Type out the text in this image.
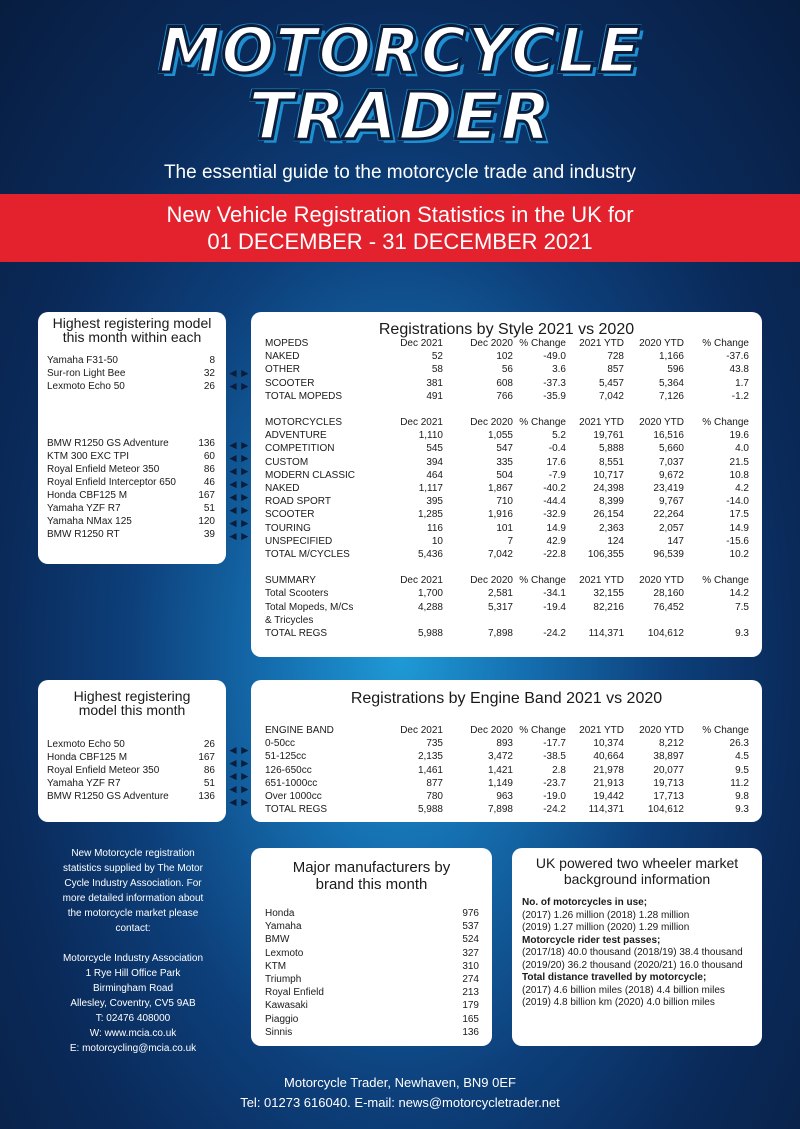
MOTORCYCLE
TRADER
The essential guide to the motorcycle trade and industry
New Vehicle Registration Statistics in the UK for
01 DECEMBER - 31 DECEMBER 2021
Highest registering model
this month within each
Yamaha F31-50	8
Sur-ron Light Bee	32
Lexmoto Echo 50	26
BMW R1250 GS Adventure	136
KTM 300 EXC TPI	60
Royal Enfield Meteor 350	86
Royal Enfield Interceptor 650	46
Honda CBF125 M	167
Yamaha YZF R7	51
Yamaha NMax 125	120
BMW R1250 RT	39
Registrations by Style 2021 vs 2020
MOPEDS	Dec 2021	Dec 2020	% Change	2021 YTD	2020 YTD	% Change
NAKED	52	102	-49.0	728	1,166	-37.6
OTHER	58	56	3.6	857	596	43.8
SCOOTER	381	608	-37.3	5,457	5,364	1.7
TOTAL MOPEDS	491	766	-35.9	7,042	7,126	-1.2

MOTORCYCLES	Dec 2021	Dec 2020	% Change	2021 YTD	2020 YTD	% Change
ADVENTURE	1,110	1,055	5.2	19,761	16,516	19.6
COMPETITION	545	547	-0.4	5,888	5,660	4.0
CUSTOM	394	335	17.6	8,551	7,037	21.5
MODERN CLASSIC	464	504	-7.9	10,717	9,672	10.8
NAKED	1,117	1,867	-40.2	24,398	23,419	4.2
ROAD SPORT	395	710	-44.4	8,399	9,767	-14.0
SCOOTER	1,285	1,916	-32.9	26,154	22,264	17.5
TOURING	116	101	14.9	2,363	2,057	14.9
UNSPECIFIED	10	7	42.9	124	147	-15.6
TOTAL M/CYCLES	5,436	7,042	-22.8	106,355	96,539	10.2

SUMMARY	Dec 2021	Dec 2020	% Change	2021 YTD	2020 YTD	% Change
Total Scooters	1,700	2,581	-34.1	32,155	28,160	14.2
Total Mopeds, M/Cs	4,288	5,317	-19.4	82,216	76,452	7.5
& Tricycles						
TOTAL REGS	5,988	7,898	-24.2	114,371	104,612	9.3
Highest registering
model this month
Lexmoto Echo 50	26
Honda CBF125 M	167
Royal Enfield Meteor 350	86
Yamaha YZF R7	51
BMW R1250 GS Adventure	136
Registrations by Engine Band 2021 vs 2020
ENGINE BAND	Dec 2021	Dec 2020	% Change	2021 YTD	2020 YTD	% Change
0-50cc	735	893	-17.7	10,374	8,212	26.3
51-125cc	2,135	3,472	-38.5	40,664	38,897	4.5
126-650cc	1,461	1,421	2.8	21,978	20,077	9.5
651-1000cc	877	1,149	-23.7	21,913	19,713	11.2
Over 1000cc	780	963	-19.0	19,442	17,713	9.8
TOTAL REGS	5,988	7,898	-24.2	114,371	104,612	9.3
◄►
◄►
◄►
◄►
◄►
◄►
◄►
◄►
◄►
◄►
◄►
◄►
◄►
◄►
◄►
New Motorcycle registration
statistics supplied by The Motor
Cycle Industry Association. For
more detailed information about
the motorcycle market please
contact:
Motorcycle Industry Association
1 Rye Hill Office Park
Birmingham Road
Allesley, Coventry, CV5 9AB
T: 02476 408000
W: www.mcia.co.uk
E: motorcycling@mcia.co.uk
Major manufacturers by
brand this month
Honda	976
Yamaha	537
BMW	524
Lexmoto	327
KTM	310
Triumph	274
Royal Enfield	213
Kawasaki	179
Piaggio	165
Sinnis	136
UK powered two wheeler market
background information
No. of motorcycles in use;
(2017) 1.26 million (2018) 1.28 million
(2019) 1.27 million (2020) 1.29 million
Motorcycle rider test passes;
(2017/18) 40.0 thousand (2018/19) 38.4 thousand
(2019/20) 36.2 thousand (2020/21) 16.0 thousand
Total distance travelled by motorcycle;
(2017) 4.6 billion miles (2018) 4.4 billion miles
(2019) 4.8 billion km (2020) 4.0 billion miles
Motorcycle Trader, Newhaven, BN9 0EF
Tel: 01273 616040. E-mail: news@motorcycletrader.net
